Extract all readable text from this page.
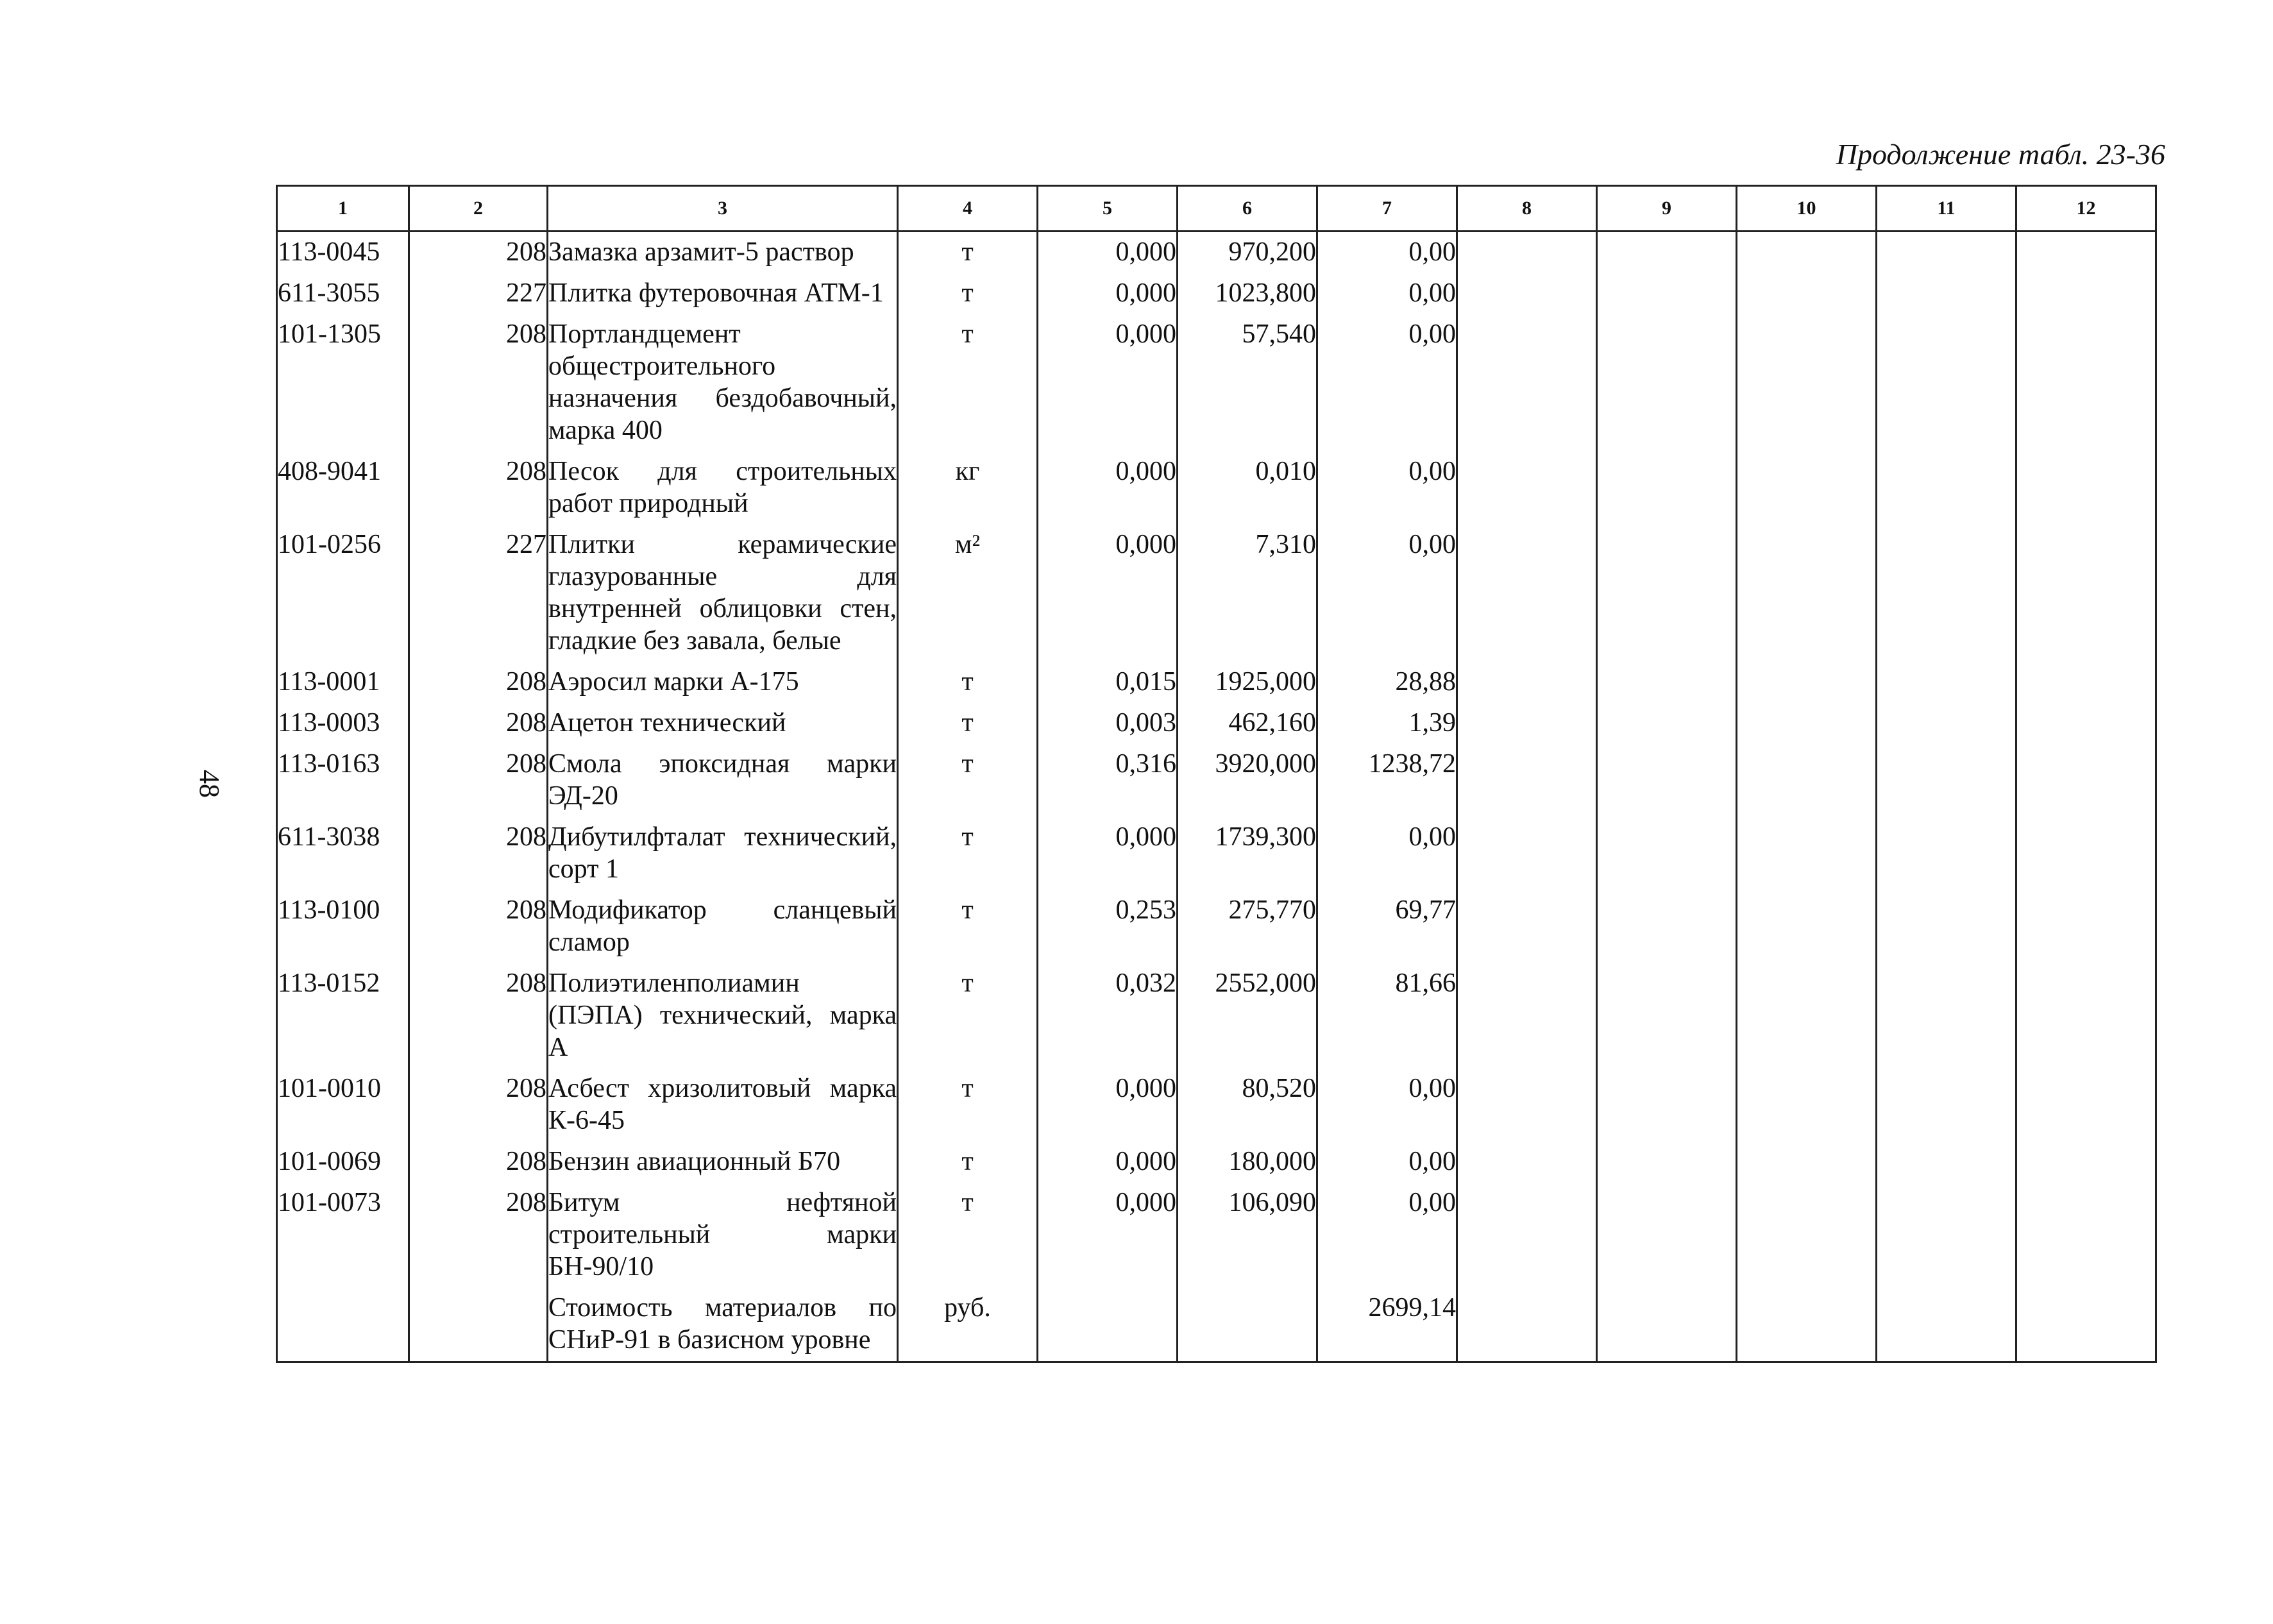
Продолжение табл. 23-36
48
1	2	3	4	5	6	7	8	9	10	11	12
113-0045	208	Замазка арзамит-5 раствор	т	0,000	970,200	0,00					
611-3055	227	Плитка футеровочная АТМ-1	т	0,000	1023,800	0,00					
101-1305	208	Портландцемент общестроительного назначения бездобавочный, марка 400	т	0,000	57,540	0,00					
408-9041	208	Песок для строительных работ природный	кг	0,000	0,010	0,00					
101-0256	227	Плитки керамические глазурованные для внутренней облицовки стен, гладкие без завала, белые	м²	0,000	7,310	0,00					
113-0001	208	Аэросил марки А-175	т	0,015	1925,000	28,88					
113-0003	208	Ацетон технический	т	0,003	462,160	1,39					
113-0163	208	Смола эпоксидная марки ЭД-20	т	0,316	3920,000	1238,72					
611-3038	208	Дибутилфталат технический, сорт 1	т	0,000	1739,300	0,00					
113-0100	208	Модификатор сланцевый сламор	т	0,253	275,770	69,77					
113-0152	208	Полиэтиленполиамин (ПЭПА) технический, марка А	т	0,032	2552,000	81,66					
101-0010	208	Асбест хризолитовый марка К-6-45	т	0,000	80,520	0,00					
101-0069	208	Бензин авиационный Б70	т	0,000	180,000	0,00					
101-0073	208	Битум нефтяной строительный марки БН-90/10	т	0,000	106,090	0,00					
		Стоимость материалов по СНиР-91 в базисном уровне	руб.			2699,14					
